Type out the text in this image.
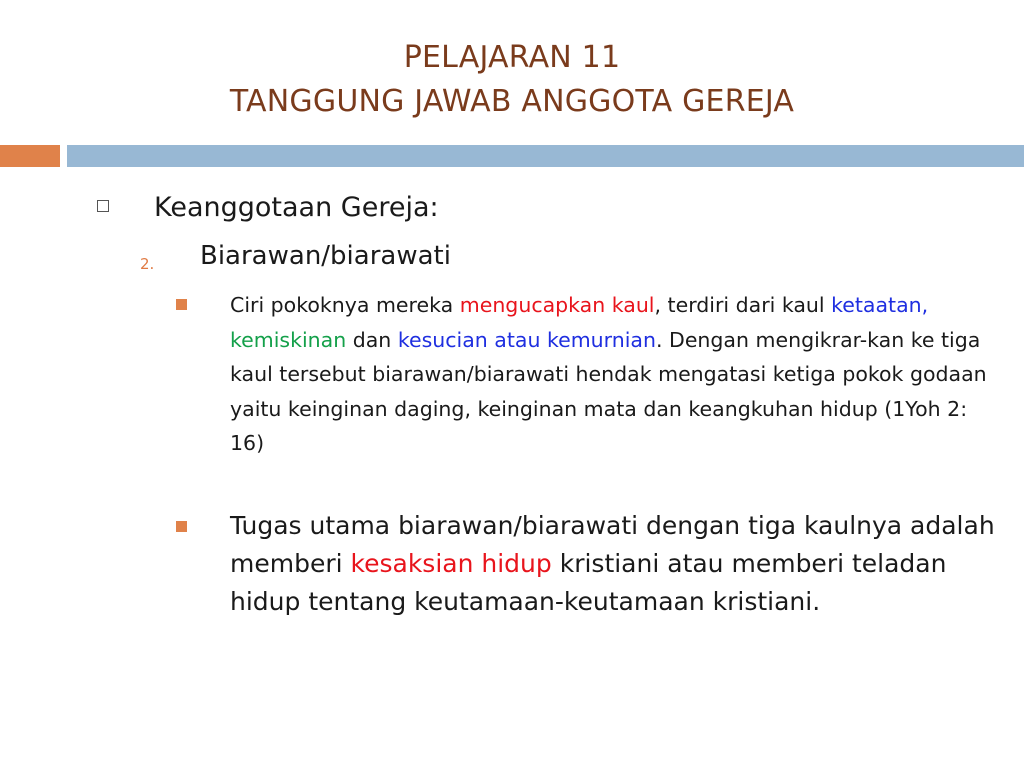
PELAJARAN 11
TANGGUNG JAWAB ANGGOTA GEREJA
Keanggotaan Gereja:
2. Biarawan/biarawati
Ciri pokoknya mereka mengucapkan kaul, terdiri dari kaul ketaatan, kemiskinan dan kesucian atau kemurnian. Dengan mengikrar-kan ke tiga kaul tersebut biarawan/biarawati hendak mengatasi ketiga pokok godaan yaitu keinginan daging, keinginan mata dan keangkuhan hidup (1Yoh 2: 16)
Tugas utama biarawan/biarawati dengan tiga kaulnya adalah memberi kesaksian hidup kristiani atau memberi teladan hidup tentang keutamaan-keutamaan kristiani.
